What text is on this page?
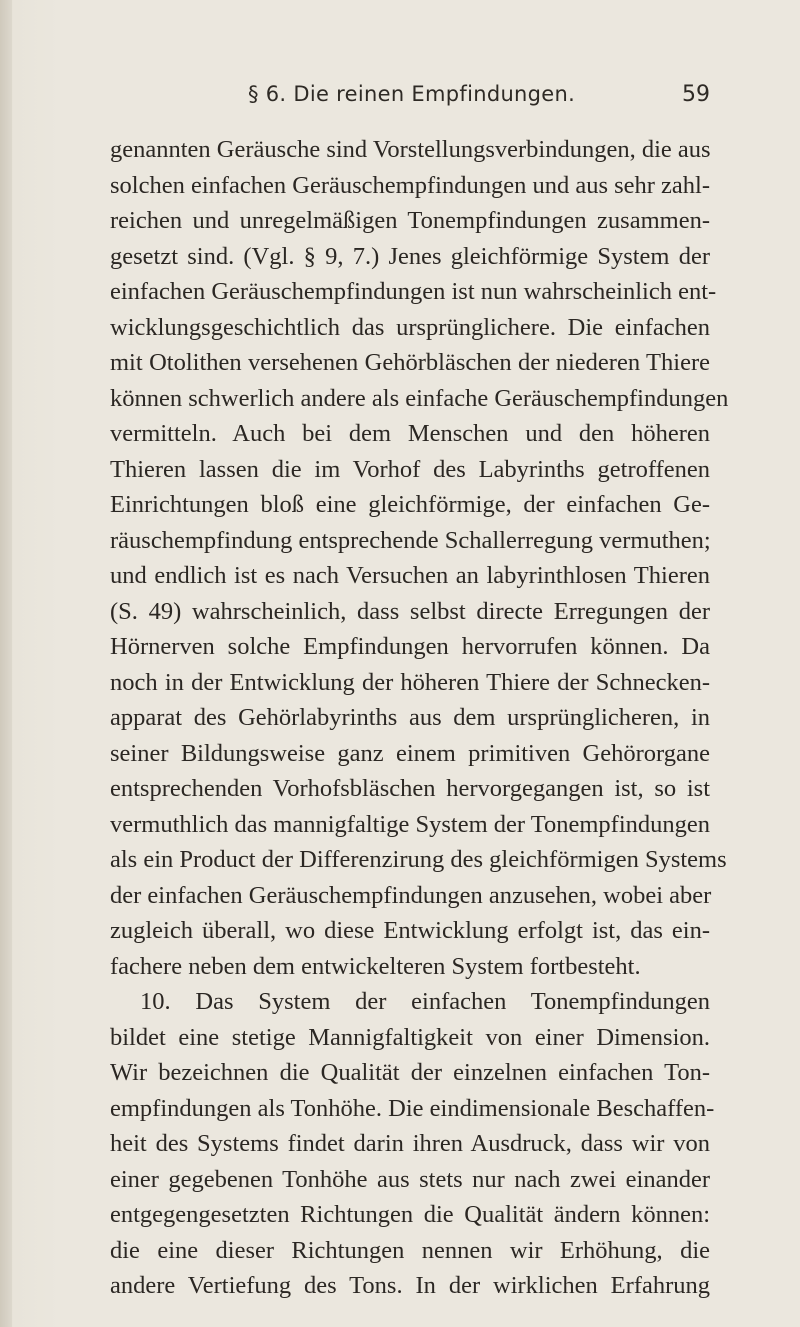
§ 6. Die reinen Empfindungen.	59
genannten Geräusche sind Vorstellungsverbindungen, die aus
solchen einfachen Geräuschempfindungen und aus sehr zahl-
reichen und unregelmäßigen Tonempfindungen zusammen-
gesetzt sind. (Vgl. § 9, 7.) Jenes gleichförmige System der
einfachen Geräuschempfindungen ist nun wahrscheinlich ent-
wicklungsgeschichtlich das ursprünglichere. Die einfachen
mit Otolithen versehenen Gehörbläschen der niederen Thiere
können schwerlich andere als einfache Geräuschempfindungen
vermitteln. Auch bei dem Menschen und den höheren
Thieren lassen die im Vorhof des Labyrinths getroffenen
Einrichtungen bloß eine gleichförmige, der einfachen Ge-
räuschempfindung entsprechende Schallerregung vermuthen;
und endlich ist es nach Versuchen an labyrinthlosen Thieren
(S. 49) wahrscheinlich, dass selbst directe Erregungen der
Hörnerven solche Empfindungen hervorrufen können. Da
noch in der Entwicklung der höheren Thiere der Schnecken-
apparat des Gehörlabyrinths aus dem ursprünglicheren, in
seiner Bildungsweise ganz einem primitiven Gehörorgane
entsprechenden Vorhofsbläschen hervorgegangen ist, so ist
vermuthlich das mannigfaltige System der Tonempfindungen
als ein Product der Differenzirung des gleichförmigen Systems
der einfachen Geräuschempfindungen anzusehen, wobei aber
zugleich überall, wo diese Entwicklung erfolgt ist, das ein-
fachere neben dem entwickelteren System fortbesteht.
10. Das System der einfachen Tonempfindungen
bildet eine stetige Mannigfaltigkeit von einer Dimension.
Wir bezeichnen die Qualität der einzelnen einfachen Ton-
empfindungen als Tonhöhe. Die eindimensionale Beschaffen-
heit des Systems findet darin ihren Ausdruck, dass wir von
einer gegebenen Tonhöhe aus stets nur nach zwei einander
entgegengesetzten Richtungen die Qualität ändern können:
die eine dieser Richtungen nennen wir Erhöhung, die
andere Vertiefung des Tons. In der wirklichen Erfahrung
